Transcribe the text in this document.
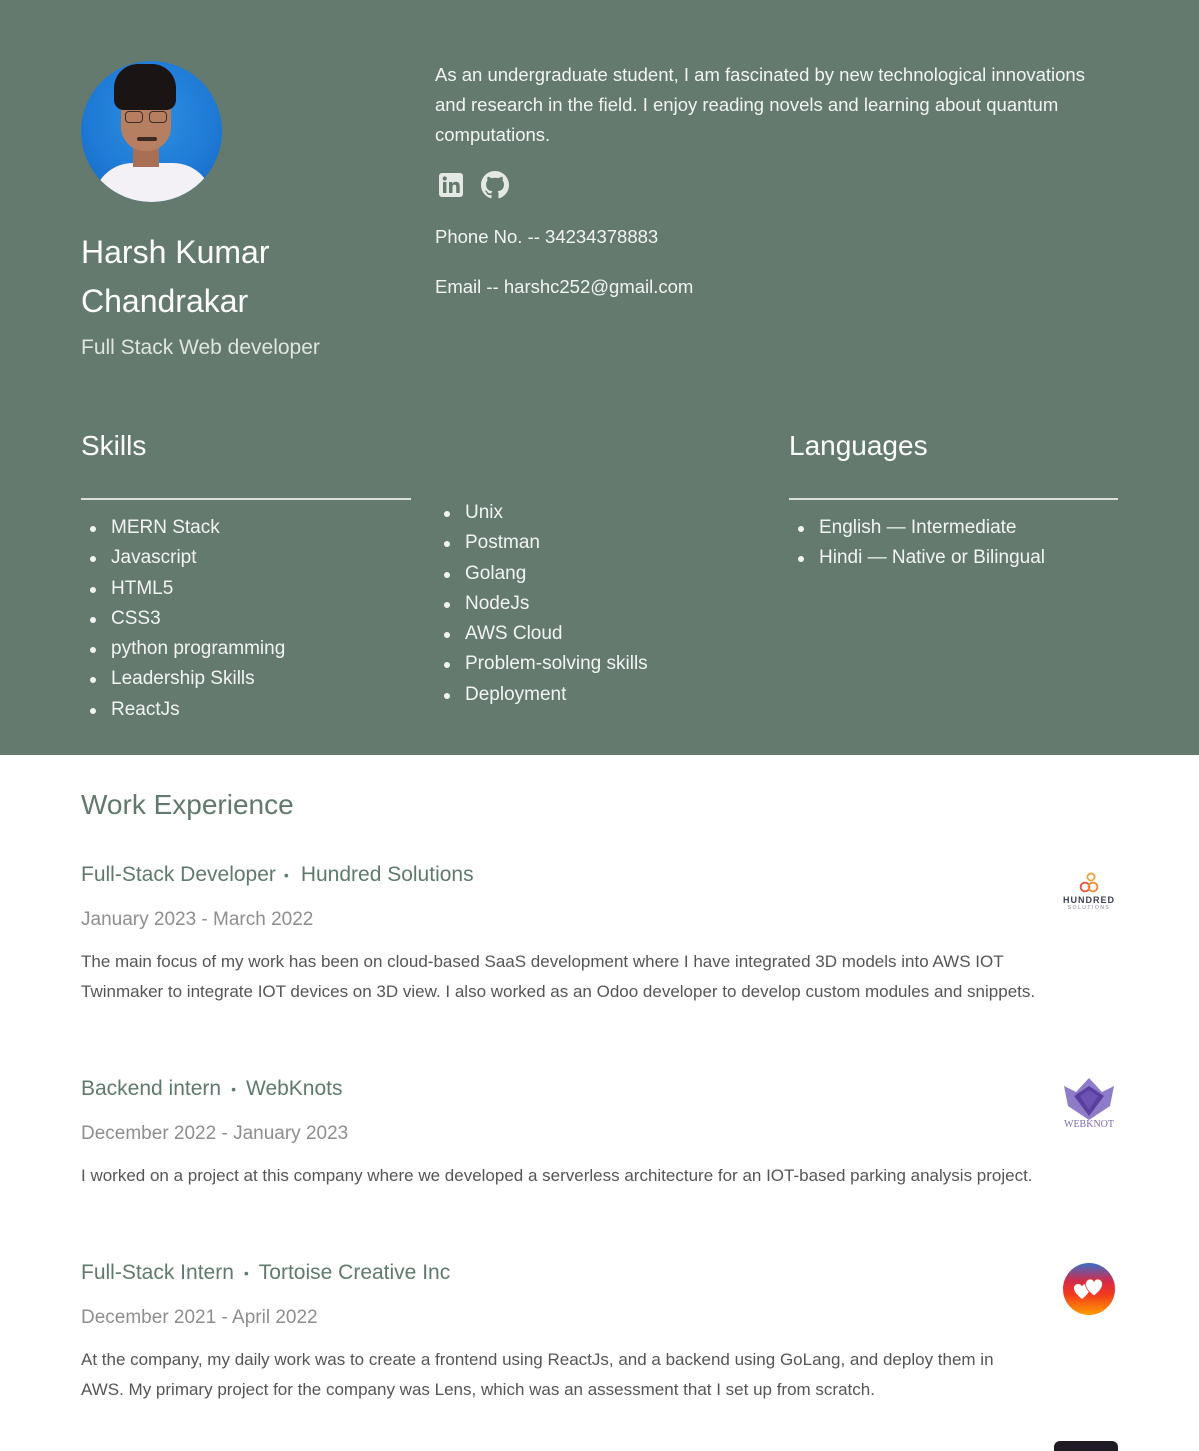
Harsh Kumar Chandrakar
Full Stack Web developer

As an undergraduate student, I am fascinated by new technological innovations and research in the field. I enjoy reading novels and learning about quantum computations.

Phone No. -- 34234378883
Email -- harshc252@gmail.com
Skills
MERN Stack
Javascript
HTML5
CSS3
python programming
Leadership Skills
ReactJs
Unix
Postman
Golang
NodeJs
AWS Cloud
Problem-solving skills
Deployment
Languages
English — Intermediate
Hindi — Native or Bilingual
Work Experience
Full-Stack Developer • Hundred Solutions
January 2023 - March 2022

The main focus of my work has been on cloud-based SaaS development where I have integrated 3D models into AWS IOT Twinmaker to integrate IOT devices on 3D view. I also worked as an Odoo developer to develop custom modules and snippets.

HUNDRED
SOLUTIONS
Backend intern • WebKnots
December 2022 - January 2023

I worked on a project at this company where we developed a serverless architecture for an IOT-based parking analysis project.

WEBKNOT
Full-Stack Intern • Tortoise Creative Inc
December 2021 - April 2022

At the company, my daily work was to create a frontend using ReactJs, and a backend using GoLang, and deploy them in AWS. My primary project for the company was Lens, which was an assessment that I set up from scratch.
